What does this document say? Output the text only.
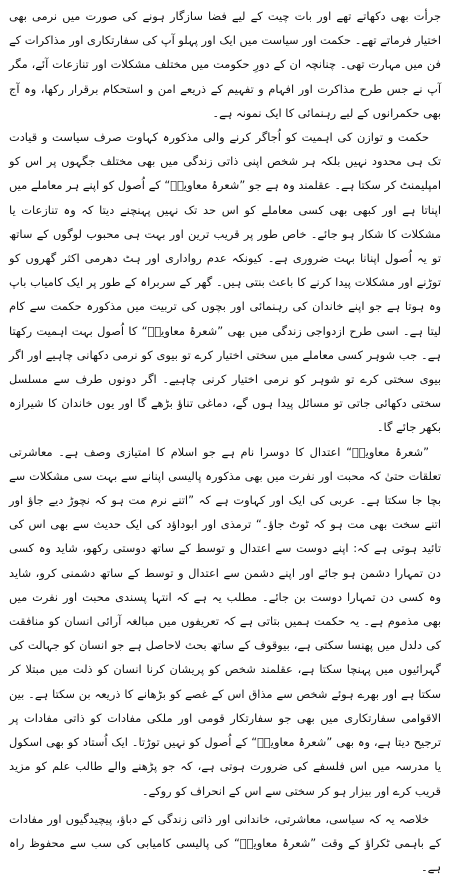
جرأت بھی دکھاتے تھے اور بات چیت کے لیے فضا سازگار ہونے کی صورت میں نرمی بھی اختیار فرماتے تھے۔ حکمت اور سیاست میں ایک اور پہلو آپ کی سفارتکاری اور مذاکرات کے فن میں مہارت تھی۔ چنانچہ ان کے دورِ حکومت میں مختلف مشکلات اور تنازعات آئے، مگر آپ نے جس طرح مذاکرت اور افہام و تفہیم کے ذریعے امن و استحکام برقرار رکھا، وہ آج بھی حکمرانوں کے لیے رہنمائی کا ایک نمونہ ہے۔

حکمت و توازن کی اہمیت کو اُجاگر کرنے والی مذکورہ کہاوت صرف سیاست و قیادت تک ہی محدود نہیں بلکہ ہر شخص اپنی ذاتی زندگی میں بھی مختلف جگہوں پر اس کو امپلیمنٹ کر سکتا ہے۔ عقلمند وہ ہے جو ”شعرۂ معاویہؓ“ کے اُصول کو اپنے ہر معاملے میں اپناتا ہے اور کبھی بھی کسی معاملے کو اس حد تک نہیں پہنچنے دیتا کہ وہ تنازعات یا مشکلات کا شکار ہو جائے۔ خاص طور پر قریب ترین اور بہت ہی محبوب لوگوں کے ساتھ تو یہ اُصول اپنانا بہت ضروری ہے۔ کیونکہ عدم رواداری اور ہٹ دھرمی اکثر گھروں کو توڑنے اور مشکلات پیدا کرنے کا باعث بنتی ہیں۔ گھر کے سربراہ کے طور پر ایک کامیاب باپ وہ ہوتا ہے جو اپنے خاندان کی رہنمائی اور بچوں کی تربیت میں مذکورہ حکمت سے کام لیتا ہے۔ اسی طرح ازدواجی زندگی میں بھی ”شعرۂ معاویہؓ“ کا اُصول بہت اہمیت رکھتا ہے۔ جب شوہر کسی معاملے میں سختی اختیار کرے تو بیوی کو نرمی دکھانی چاہیے اور اگر بیوی سختی کرے تو شوہر کو نرمی اختیار کرنی چاہیے۔ اگر دونوں طرف سے مسلسل سختی دکھائی جاتی تو مسائل پیدا ہوں گے، دماغی تناؤ بڑھے گا اور یوں خاندان کا شیرازہ بکھر جائے گا۔

”شعرۂ معاویہؓ“ اعتدال کا دوسرا نام ہے جو اسلام کا امتیازی وصف ہے۔ معاشرتی تعلقات حتیٰ کہ محبت اور نفرت میں بھی مذکورہ پالیسی اپنانے سے بہت سی مشکلات سے بچا جا سکتا ہے۔ عربی کی ایک اور کہاوت ہے کہ ”اتنے نرم مت ہو کہ نچوڑ دیے جاؤ اور اتنے سخت بھی مت ہو کہ ٹوٹ جاؤ۔“ ترمذی اور ابوداؤد کی ایک حدیث سے بھی اس کی تائید ہوتی ہے کہ: اپنے دوست سے اعتدال و توسط کے ساتھ دوستی رکھو، شاید وہ کسی دن تمہارا دشمن ہو جائے اور اپنے دشمن سے اعتدال و توسط کے ساتھ دشمنی کرو، شاید وہ کسی دن تمہارا دوست بن جائے۔ مطلب یہ ہے کہ انتہا پسندی محبت اور نفرت میں بھی مذموم ہے۔ یہ حکمت ہمیں بتاتی ہے کہ تعریفوں میں مبالغہ آرائی انسان کو منافقت کی دلدل میں پھنسا سکتی ہے، بیوقوف کے ساتھ بحث لاحاصل ہے جو انسان کو جہالت کی گہرائیوں میں پہنچا سکتا ہے، عقلمند شخص کو پریشان کرنا انسان کو ذلت میں مبتلا کر سکتا ہے اور بھرے ہوئے شخص سے مذاق اس کے غصے کو بڑھانے کا ذریعہ بن سکتا ہے۔ بین الاقوامی سفارتکاری میں بھی جو سفارتکار قومی اور ملکی مفادات کو ذاتی مفادات پر ترجیح دیتا ہے، وہ بھی ”شعرۂ معاویہؓ“ کے اُصول کو نہیں توڑتا۔ ایک اُستاد کو بھی اسکول یا مدرسہ میں اس فلسفے کی ضرورت ہوتی ہے، کہ جو پڑھنے والے طالب علم کو مزید قریب کرے اور بیزار ہو کر سختی سے اس کے انحراف کو روکے۔

خلاصہ یہ کہ سیاسی، معاشرتی، خاندانی اور ذاتی زندگی کے دباؤ، پیچیدگیوں اور مفادات کے باہمی ٹکراؤ کے وقت ”شعرۂ معاویہؓ“ کی پالیسی کامیابی کی سب سے محفوظ راہ ہے۔
